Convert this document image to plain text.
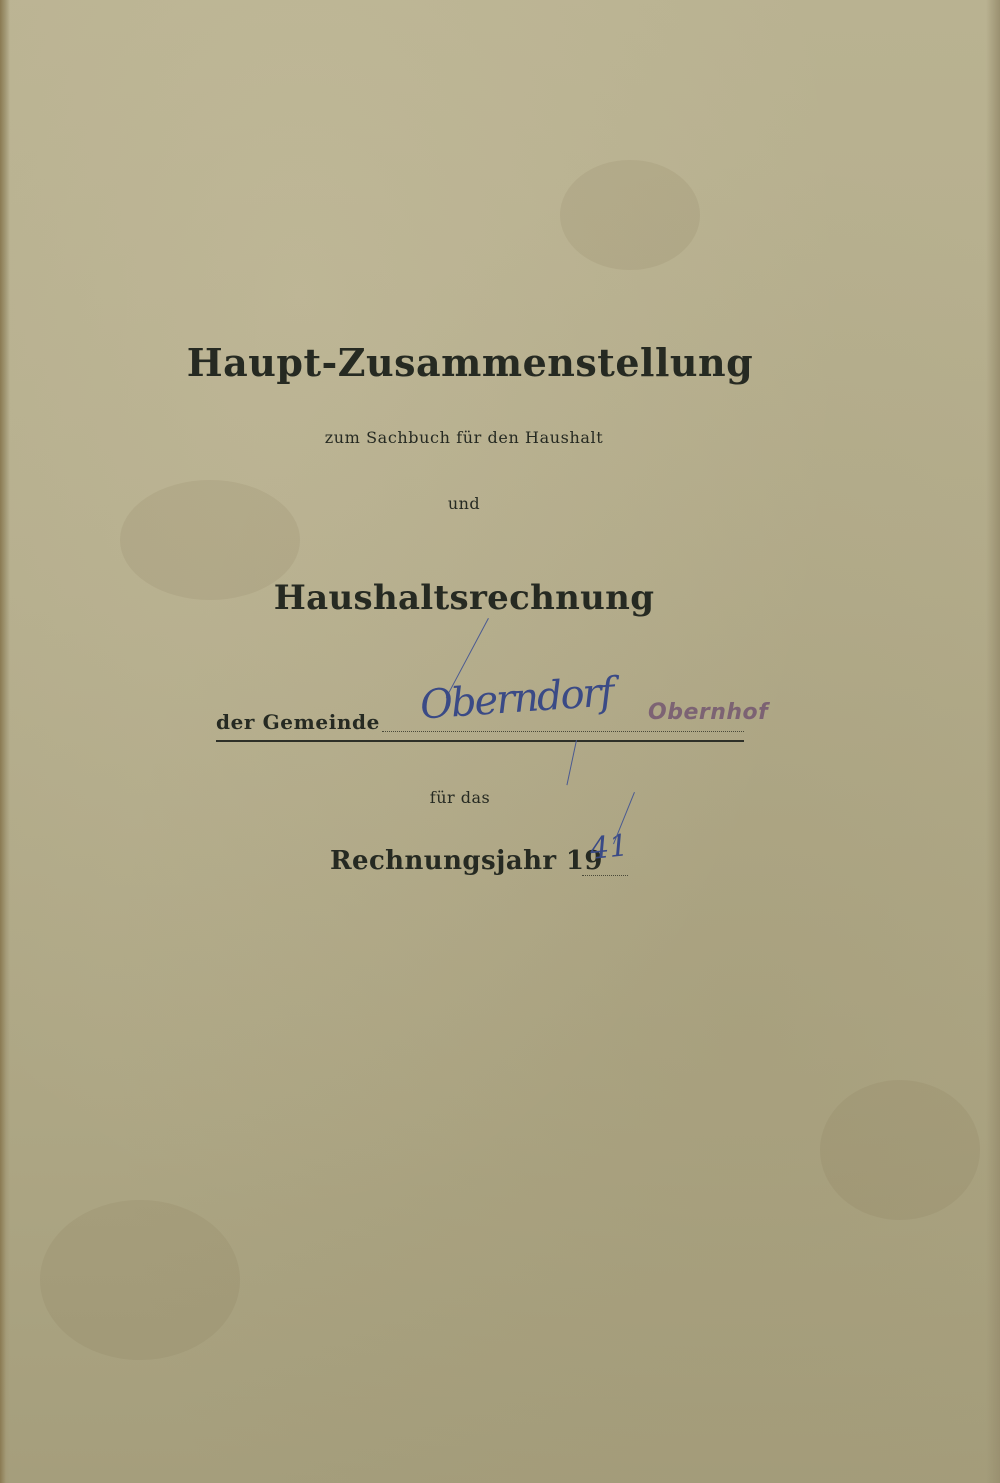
Haupt-Zusammenstellung
zum Sachbuch für den Haushalt
und
Haushaltsrechnung
der Gemeinde Oberndorf Obernhof
für das
Rechnungsjahr 19
41
